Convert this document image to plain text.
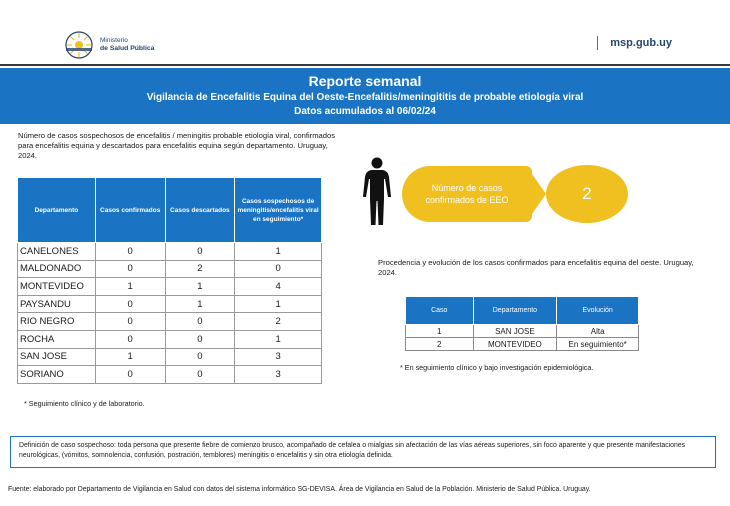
Ministerio
de Salud Pública	msp.gub.uy
Reporte semanal
Vigilancia de Encefalitis Equina del Oeste-Encefalitis/meningititis de probable etiología viral
Datos acumulados al 06/02/24
Número de casos sospechosos de encefalitis / meningitis probable etiología viral, confirmados para encefalitis equina y descartados para encefalitis equina según departamento. Uruguay, 2024.
Departamento	Casos confirmados	Casos descartados	Casos sospechosos de meningitis/encefalitis viral en seguimiento*
CANELONES	0	0	1
MALDONADO	0	2	0
MONTEVIDEO	1	1	4
PAYSANDU	0	1	1
RIO NEGRO	0	0	2
ROCHA	0	0	1
SAN JOSE	1	0	3
SORIANO	0	0	3
* Seguimiento clínico y de laboratorio.
Número de casos confirmados de EEO	2
Procedencia y evolución de los casos confirmados para encefalitis equina del oeste. Uruguay, 2024.
Caso	Departamento	Evolución
1	SAN JOSE	Alta
2	MONTEVIDEO	En seguimiento*
* En seguimiento clínico y bajo investigación epidemiológica.
Definición de caso sospechoso: toda persona que presente fiebre de comienzo brusco, acompañado de cefalea o mialgias sin afectación de las vías aéreas superiores, sin foco aparente y que presente manifestaciones neurológicas, (vómitos, somnolencia, confusión, postración, temblores) meningitis o encefalitis y sin otra etiología definida.
Fuente: elaborado por Departamento de Vigilancia en Salud con datos del sistema informático SG-DEVISA. Área de Vigilancia en Salud de la Población. Ministerio de Salud Pública. Uruguay.
